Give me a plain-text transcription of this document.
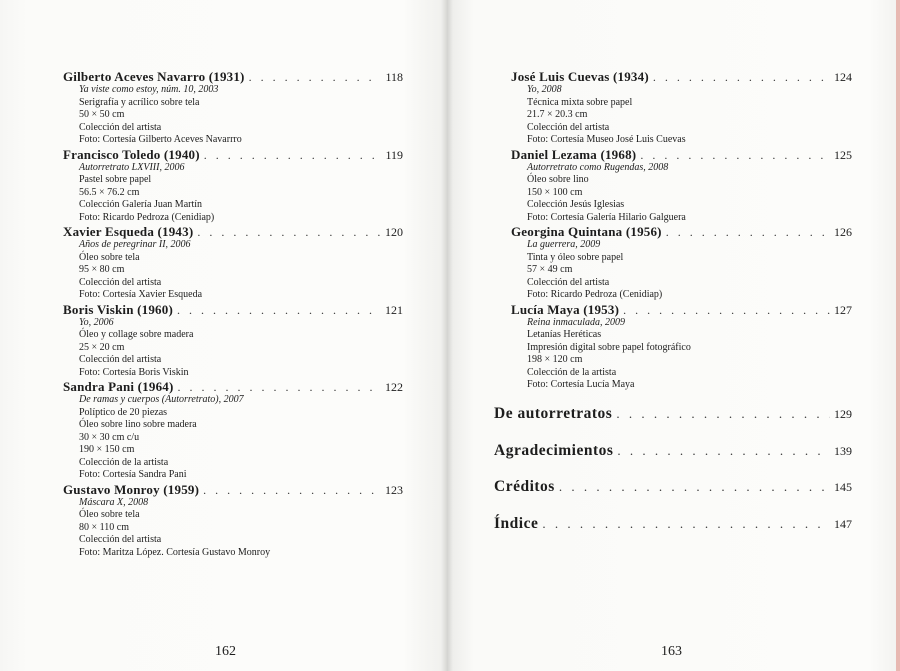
Gilberto Aceves Navarro (1931) . . .	118
Ya viste como estoy, núm. 10, 2003
Serigrafía y acrílico sobre tela
50 × 50 cm
Colección del artista
Foto: Cortesía Gilberto Aceves Navarrro
Francisco Toledo (1940) . . .	119
Autorretrato LXVIII, 2006
Pastel sobre papel
56.5 × 76.2 cm
Colección Galería Juan Martín
Foto: Ricardo Pedroza (Cenidiap)
Xavier Esqueda (1943) . . .	120
Años de peregrinar II, 2006
Óleo sobre tela
95 × 80 cm
Colección del artista
Foto: Cortesía Xavier Esqueda
Boris Viskin (1960) . . .	121
Yo, 2006
Óleo y collage sobre madera
25 × 20 cm
Colección del artista
Foto: Cortesía Boris Viskin
Sandra Pani (1964) . . .	122
De ramas y cuerpos (Autorretrato), 2007
Políptico de 20 piezas
Óleo sobre lino sobre madera
30 × 30 cm c/u
190 × 150 cm
Colección de la artista
Foto: Cortesía Sandra Pani
Gustavo Monroy (1959) . . .	123
Máscara X, 2008
Óleo sobre tela
80 × 110 cm
Colección del artista
Foto: Maritza López. Cortesía Gustavo Monroy
José Luis Cuevas (1934) . . .	124
Yo, 2008
Técnica mixta sobre papel
21.7 × 20.3 cm
Colección del artista
Foto: Cortesía Museo José Luis Cuevas
Daniel Lezama (1968) . . .	125
Autorretrato como Rugendas, 2008
Óleo sobre lino
150 × 100 cm
Colección Jesús Iglesias
Foto: Cortesía Galería Hilario Galguera
Georgina Quintana (1956) . . .	126
La guerrera, 2009
Tinta y óleo sobre papel
57 × 49 cm
Colección del artista
Foto: Ricardo Pedroza (Cenidiap)
Lucía Maya (1953) . . .	127
Reina inmaculada, 2009
Letanías Heréticas
Impresión digital sobre papel fotográfico
198 × 120 cm
Colección de la artista
Foto: Cortesía Lucía Maya
De autorretratos . . .	129
Agradecimientos . . .	139
Créditos . . .	145
Índice . . .	147
162	163
